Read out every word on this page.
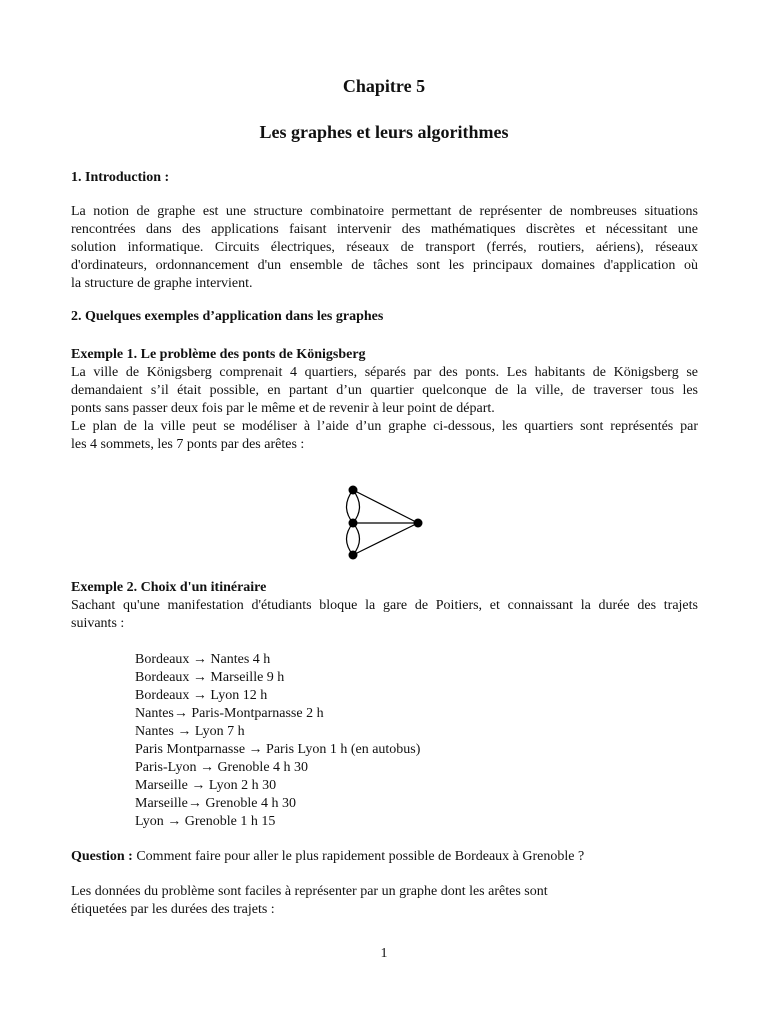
Chapitre 5
Les graphes et leurs algorithmes
1. Introduction :
La notion de graphe est une structure combinatoire permettant de représenter de nombreuses situations
rencontrées dans des applications faisant intervenir des mathématiques discrètes et nécessitant une
solution informatique. Circuits électriques, réseaux de transport (ferrés, routiers, aériens), réseaux
d'ordinateurs, ordonnancement d'un ensemble de tâches sont les principaux domaines d'application où
la structure de graphe intervient.
2. Quelques exemples d’application dans les graphes
Exemple 1. Le problème des ponts de Königsberg
La ville de Königsberg comprenait 4 quartiers, séparés par des ponts. Les habitants de Königsberg se
demandaient s’il était possible, en partant d’un quartier quelconque de la ville, de traverser tous les
ponts sans passer deux fois par le même et de revenir à leur point de départ.
Le plan de la ville peut se modéliser à l’aide d’un graphe ci-dessous, les quartiers sont représentés par
les 4 sommets, les 7 ponts par des arêtes :
Exemple 2. Choix d'un itinéraire
Sachant qu'une manifestation d'étudiants bloque la gare de Poitiers, et connaissant la durée des trajets
suivants :
Bordeaux → Nantes 4 h
Bordeaux → Marseille 9 h
Bordeaux → Lyon 12 h
Nantes→ Paris-Montparnasse 2 h
Nantes → Lyon 7 h
Paris Montparnasse → Paris Lyon 1 h (en autobus)
Paris-Lyon → Grenoble 4 h 30
Marseille → Lyon 2 h 30
Marseille→ Grenoble 4 h 30
Lyon → Grenoble 1 h 15
Question : Comment faire pour aller le plus rapidement possible de Bordeaux à Grenoble ?
Les données du problème sont faciles à représenter par un graphe dont les arêtes sont
étiquetées par les durées des trajets :
1
